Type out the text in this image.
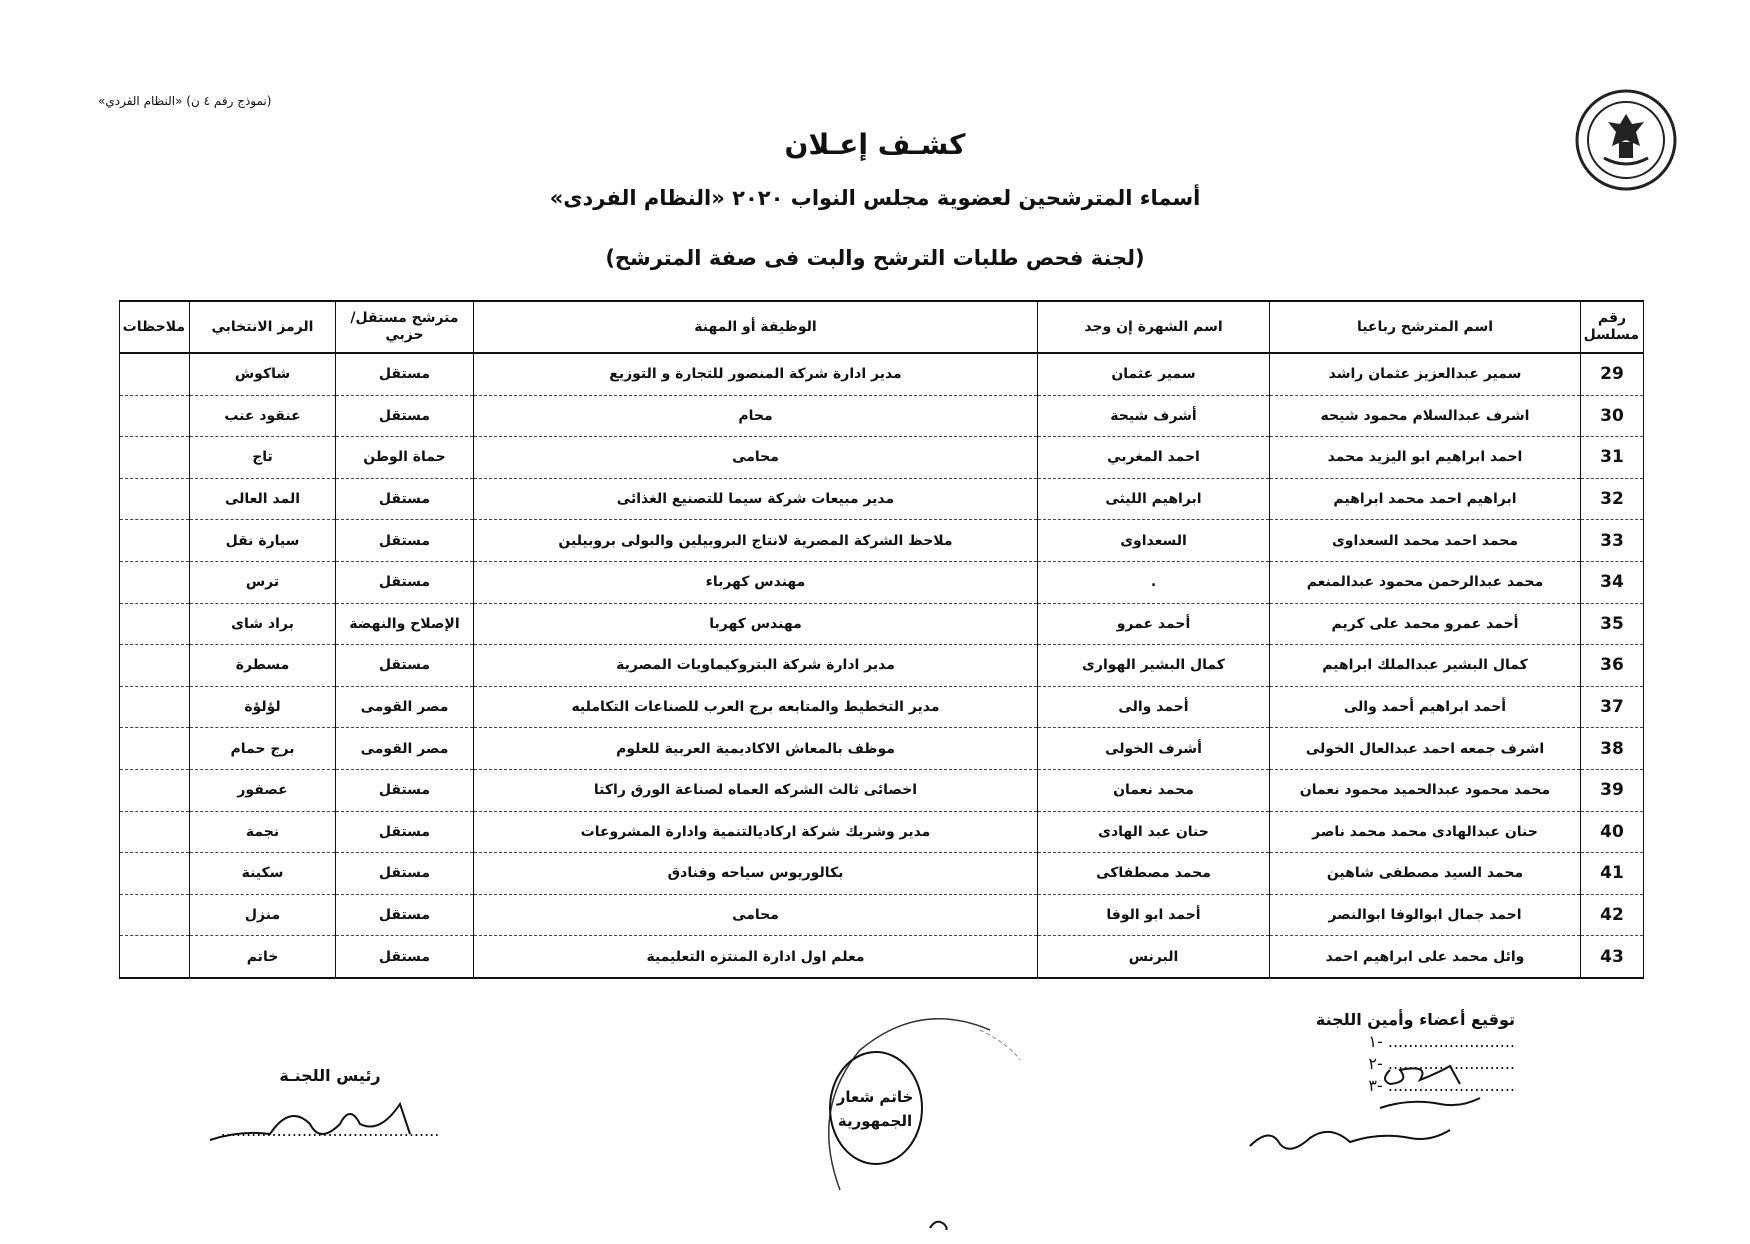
(نموذج رقم ٤ ن) «النظام الفردي»
كشـف إعـلان
أسماء المترشحين لعضوية مجلس النواب ٢٠٢٠ «النظام الفردى»
(لجنة فحص طلبات الترشح والبت فى صفة المترشح)
رقم مسلسل	اسم المترشح رباعيا	اسم الشهرة إن وجد	الوظيفة أو المهنة	مترشح مستقل/حزبي	الرمز الانتخابي	ملاحظات
29	سمير عبدالعزيز عثمان راشد	سمير عثمان	مدير ادارة شركة المنصور للتجارة و التوزيع	مستقل	شاكوش	
30	اشرف عبدالسلام محمود شيحه	أشرف شيحة	محام	مستقل	عنقود عنب	
31	احمد ابراهيم ابو اليزيد محمد	احمد المغربي	محامى	حماة الوطن	تاج	
32	ابراهيم احمد محمد ابراهيم	ابراهيم الليثى	مدير مبيعات شركة سيما للتصنيع الغذائى	مستقل	المد العالى	
33	محمد احمد محمد السعداوى	السعداوى	ملاحظ الشركة المصرية لانتاج البروبيلين والبولى بروبيلين	مستقل	سيارة نقل	
34	محمد عبدالرحمن محمود عبدالمنعم	.	مهندس كهرباء	مستقل	ترس	
35	أحمد عمرو محمد على كريم	أحمد عمرو	مهندس كهربا	الإصلاح والنهضة	براد شاى	
36	كمال البشير عبدالملك ابراهيم	كمال البشير الهوارى	مدير ادارة شركة البتروكيماويات المصرية	مستقل	مسطرة	
37	أحمد ابراهيم أحمد والى	أحمد والى	مدير التخطيط والمتابعه برج العرب للصناعات التكامليه	مصر القومى	لؤلؤة	
38	اشرف جمعه احمد عبدالعال الخولى	أشرف الخولى	موظف بالمعاش الاكاديمية العربية للعلوم	مصر القومى	برج حمام	
39	محمد محمود عبدالحميد محمود نعمان	محمد نعمان	اخصائى ثالث الشركه العماه لصناعة الورق راكتا	مستقل	عصفور	
40	حنان عبدالهادى محمد محمد ناصر	حنان عبد الهادى	مدير وشريك شركة اركاديالتنمية وادارة المشروعات	مستقل	نجمة	
41	محمد السيد مصطفى شاهين	محمد مصطفاكى	بكالوريوس سياحه وفنادق	مستقل	سكينة	
42	احمد جمال ابوالوفا ابوالنصر	أحمد ابو الوفا	محامى	مستقل	منزل	
43	وائل محمد على ابراهيم احمد	البرنس	معلم اول ادارة المنتزه التعليمية	مستقل	خاتم	
توقيع أعضاء وأمين اللجنة
......................... -١
......................... -٢
......................... -٣
رئيس اللجنـة
...........................................
خاتم شعار الجمهورية
